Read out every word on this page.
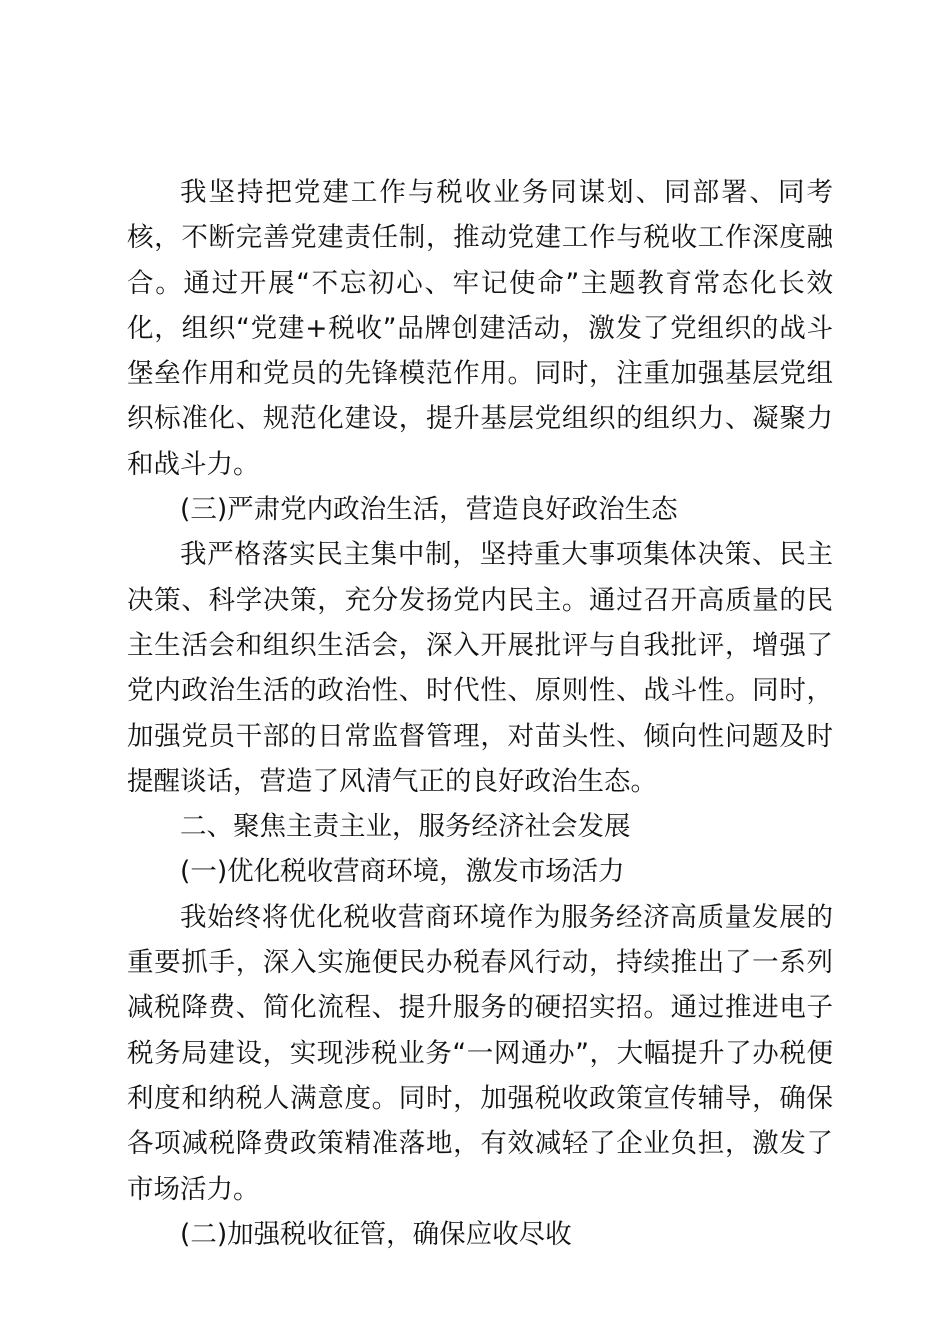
我坚持把党建工作与税收业务同谋划、同部署、同考核，不断完善党建责任制，推动党建工作与税收工作深度融合。通过开展“不忘初心、牢记使命”主题教育常态化长效化，组织“党建+税收”品牌创建活动，激发了党组织的战斗堡垒作用和党员的先锋模范作用。同时，注重加强基层党组织标准化、规范化建设，提升基层党组织的组织力、凝聚力和战斗力。

(三)严肃党内政治生活，营造良好政治生态

我严格落实民主集中制，坚持重大事项集体决策、民主决策、科学决策，充分发扬党内民主。通过召开高质量的民主生活会和组织生活会，深入开展批评与自我批评，增强了党内政治生活的政治性、时代性、原则性、战斗性。同时，加强党员干部的日常监督管理，对苗头性、倾向性问题及时提醒谈话，营造了风清气正的良好政治生态。

二、聚焦主责主业，服务经济社会发展

(一)优化税收营商环境，激发市场活力

我始终将优化税收营商环境作为服务经济高质量发展的重要抓手，深入实施便民办税春风行动，持续推出了一系列减税降费、简化流程、提升服务的硬招实招。通过推进电子税务局建设，实现涉税业务“一网通办”，大幅提升了办税便利度和纳税人满意度。同时，加强税收政策宣传辅导，确保各项减税降费政策精准落地，有效减轻了企业负担，激发了市场活力。

(二)加强税收征管，确保应收尽收
